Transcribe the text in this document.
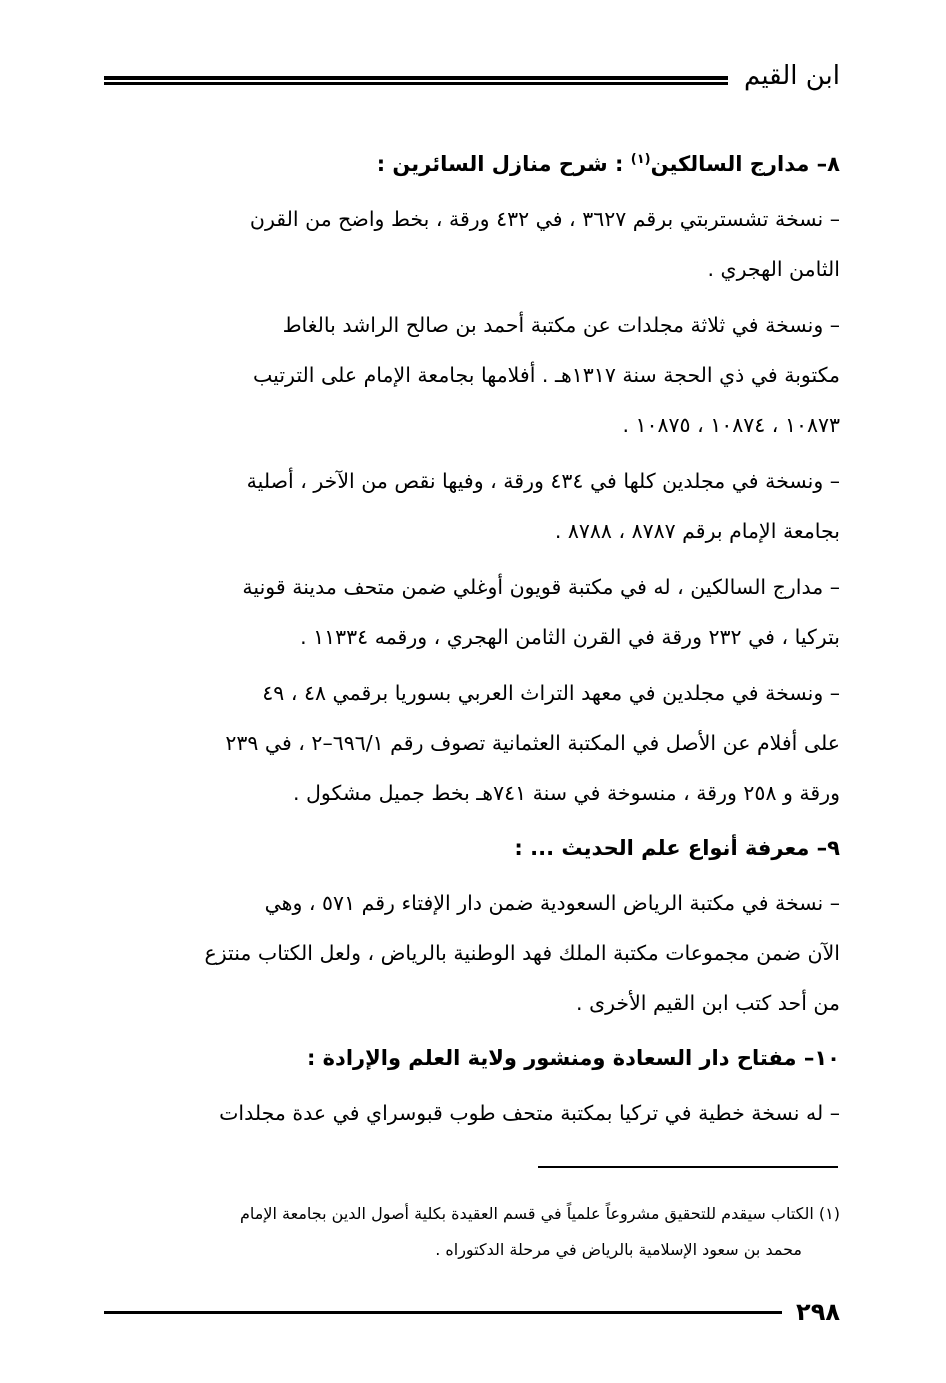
ابن القيم
٨– مدارج السالكين$^{(١)}$ : شرح منازل السائرين :
– نسخة تشستربتي برقم ٣٦٢٧ ، في ٤٣٢ ورقة ، بخط واضح من القرن
الثامن الهجري .
– ونسخة في ثلاثة مجلدات عن مكتبة أحمد بن صالح الراشد بالغاط
مكتوبة في ذي الحجة سنة ١٣١٧هـ . أفلامها بجامعة الإمام على الترتيب
١٠٨٧٣ ، ١٠٨٧٤ ، ١٠٨٧٥ .
– ونسخة في مجلدين كلها في ٤٣٤ ورقة ، وفيها نقص من الآخر ، أصلية
بجامعة الإمام برقم ٨٧٨٧ ، ٨٧٨٨ .
– مدارج السالكين ، له في مكتبة قويون أوغلي ضمن متحف مدينة قونية
بتركيا ، في ٢٣٢ ورقة في القرن الثامن الهجري ، ورقمه ١١٣٣٤ .
– ونسخة في مجلدين في معهد التراث العربي بسوريا برقمي ٤٨ ، ٤٩
على أفلام عن الأصل في المكتبة العثمانية تصوف رقم ٦٩٦/١–٢ ، في ٢٣٩
ورقة و ٢٥٨ ورقة ، منسوخة في سنة ٧٤١هـ بخط جميل مشكول .
٩– معرفة أنواع علم الحديث ... :
– نسخة في مكتبة الرياض السعودية ضمن دار الإفتاء رقم ٥٧١ ، وهي
الآن ضمن مجموعات مكتبة الملك فهد الوطنية بالرياض ، ولعل الكتاب منتزع
من أحد كتب ابن القيم الأخرى .
١٠– مفتاح دار السعادة ومنشور ولاية العلم والإرادة :
– له نسخة خطية في تركيا بمكتبة متحف طوب قبوسراي في عدة مجلدات
(١) الكتاب سيقدم للتحقيق مشروعاً علمياً في قسم العقيدة بكلية أصول الدين بجامعة الإمام
محمد بن سعود الإسلامية بالرياض في مرحلة الدكتوراه .
٢٩٨
